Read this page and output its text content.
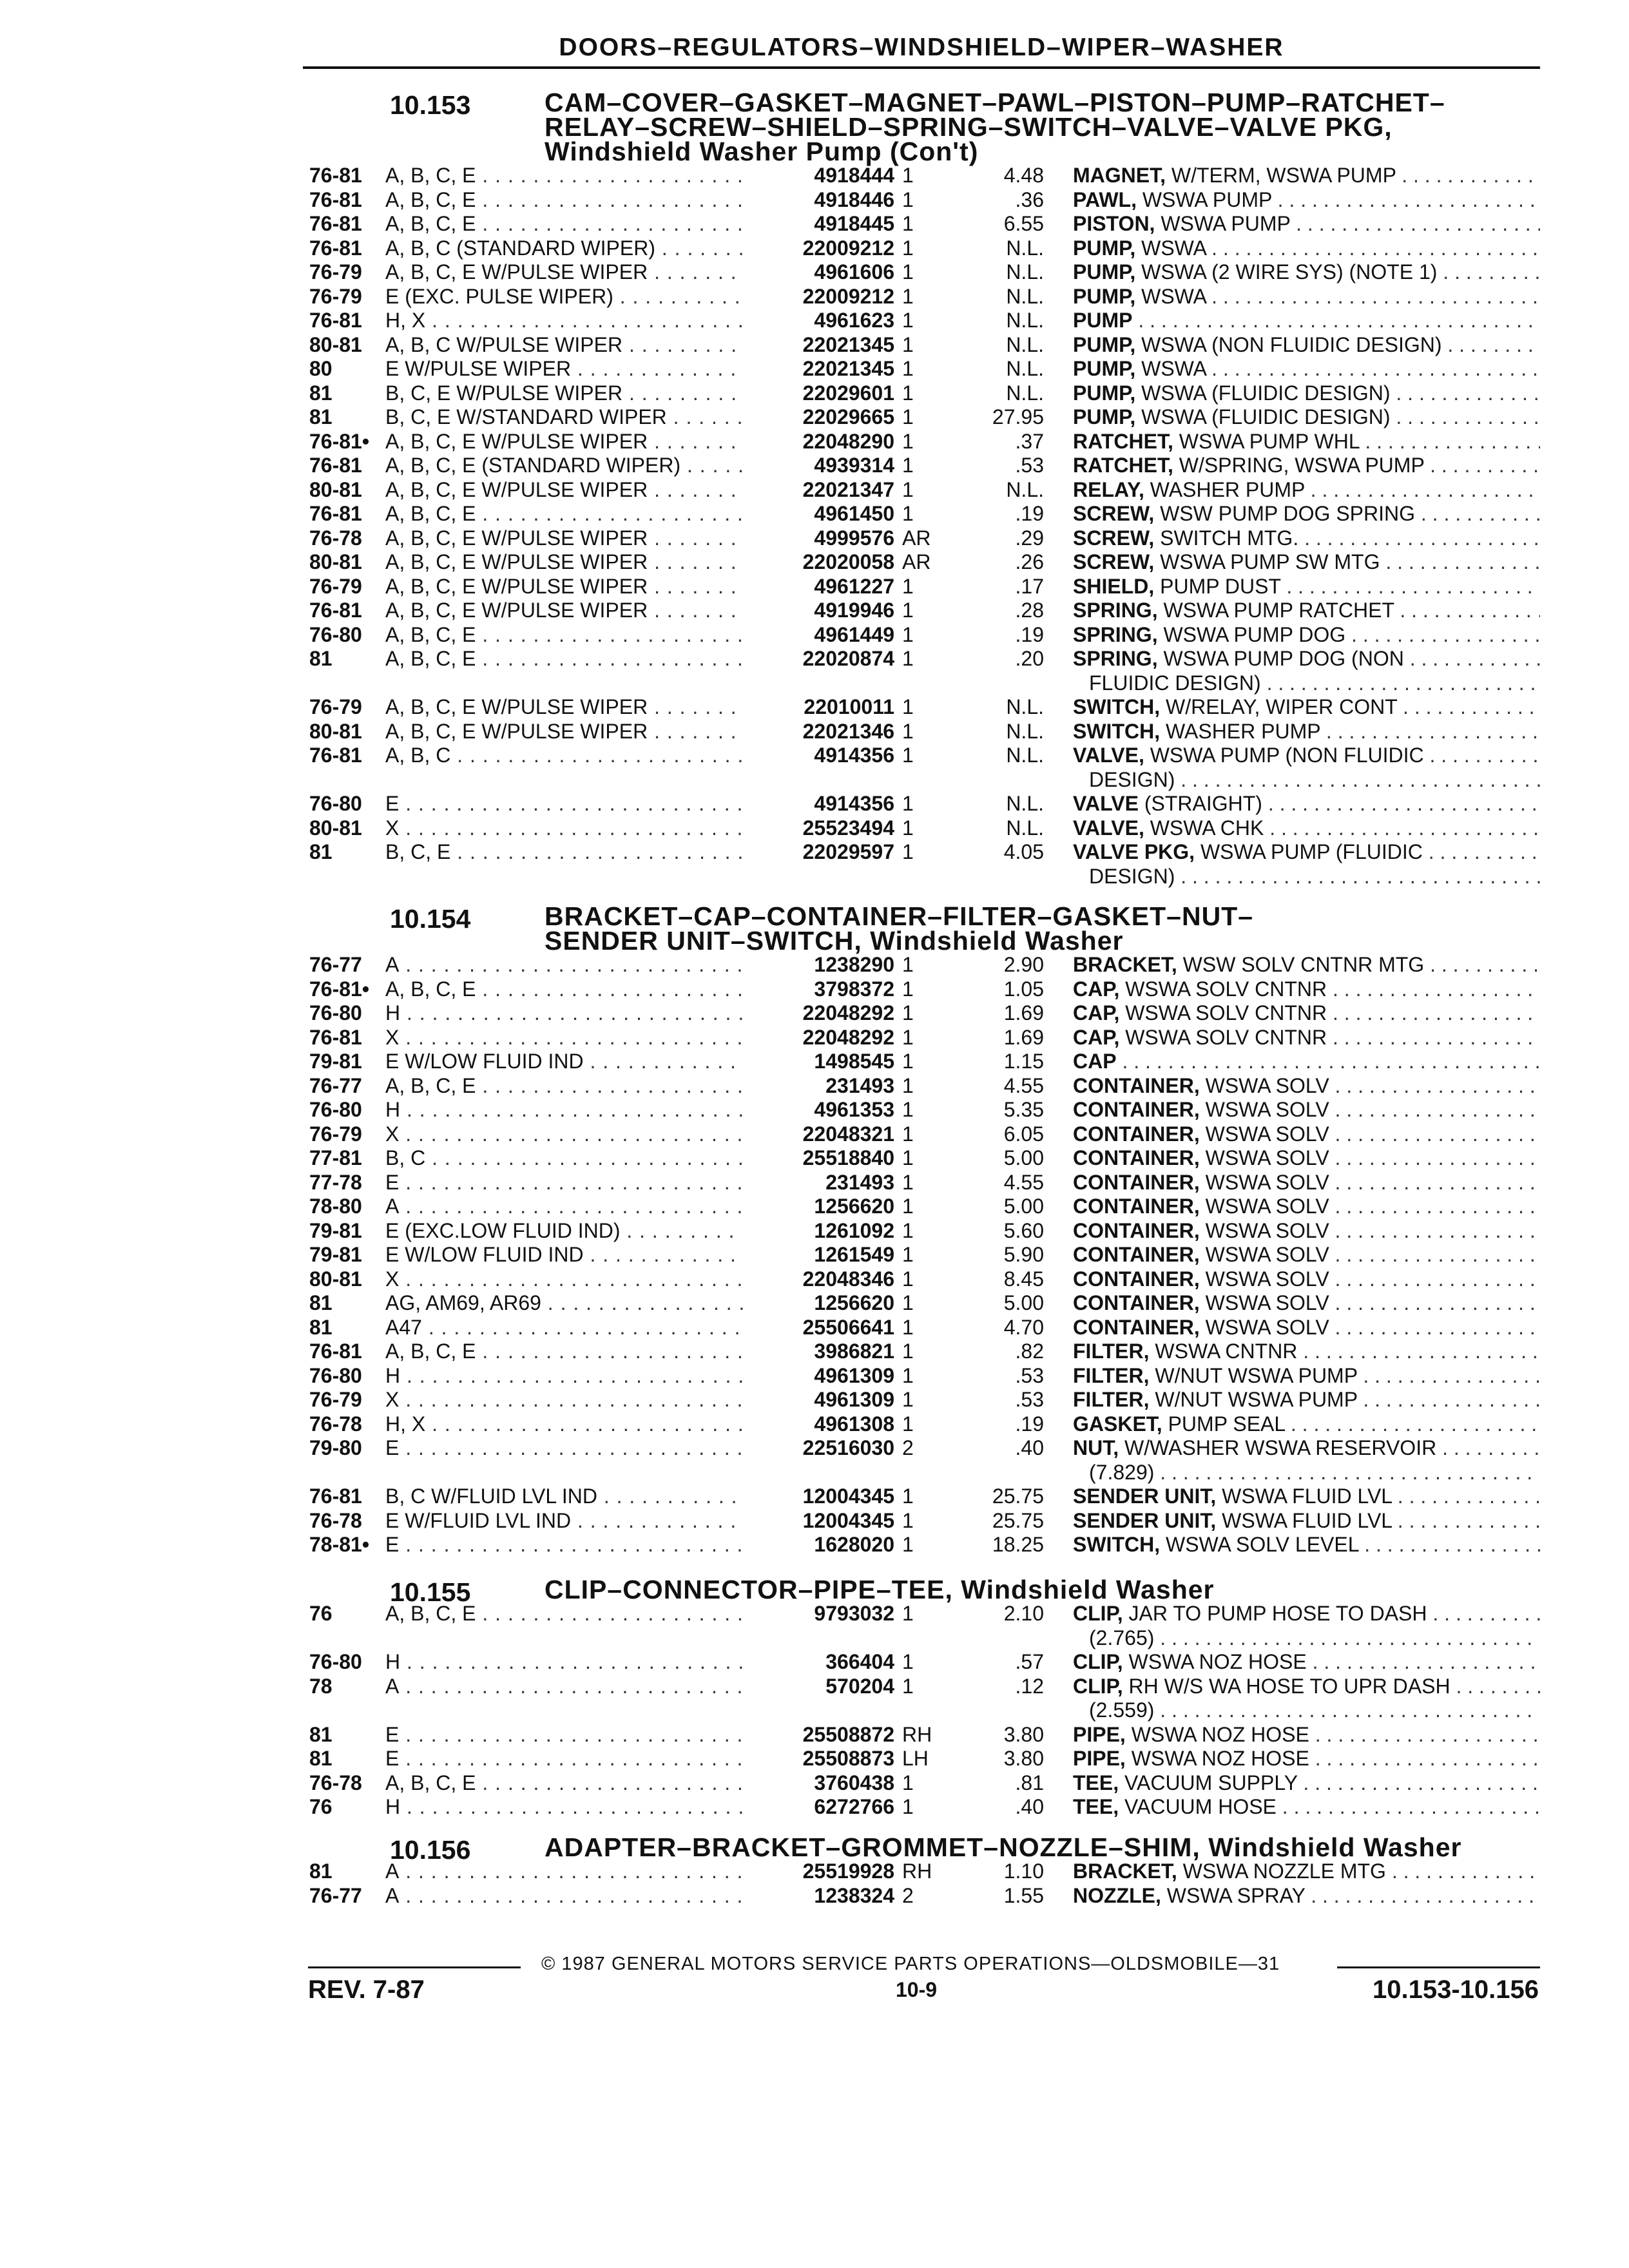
DOORS–REGULATORS–WINDSHIELD–WIPER–WASHER
10.153	CAM–COVER–GASKET–MAGNET–PAWL–PISTON–PUMP–RATCHET–
RELAY–SCREW–SHIELD–SPRING–SWITCH–VALVE–VALVE PKG,
Windshield Washer Pump (Con't)
76-81 A, B, C, E . . .	4918444 1	4.48 MAGNET, W/TERM, WSWA PUMP . . .
76-81 A, B, C, E . . .	4918446 1	.36 PAWL, WSWA PUMP . . .
76-81 A, B, C, E . . .	4918445 1	6.55 PISTON, WSWA PUMP . . .
76-81 A, B, C (STANDARD WIPER) . . .	22009212 1	N.L. PUMP, WSWA . . .
76-79 A, B, C, E W/PULSE WIPER . . .	4961606 1	N.L. PUMP, WSWA (2 WIRE SYS) (NOTE 1) . . .
76-79 E (EXC. PULSE WIPER) . . .	22009212 1	N.L. PUMP, WSWA . . .
76-81 H, X . . .	4961623 1	N.L. PUMP . . .
80-81 A, B, C W/PULSE WIPER . . .	22021345 1	N.L. PUMP, WSWA (NON FLUIDIC DESIGN) . . .
80	E W/PULSE WIPER . . .	22021345 1	N.L. PUMP, WSWA . . .
81	B, C, E W/PULSE WIPER . . .	22029601 1	N.L. PUMP, WSWA (FLUIDIC DESIGN) . . .
81	B, C, E W/STANDARD WIPER . . .	22029665 1	27.95 PUMP, WSWA (FLUIDIC DESIGN) . . .
76-81• A, B, C, E W/PULSE WIPER . . .	22048290 1	.37 RATCHET, WSWA PUMP WHL . . .
76-81 A, B, C, E (STANDARD WIPER) . . .	4939314 1	.53 RATCHET, W/SPRING, WSWA PUMP . . .
80-81 A, B, C, E W/PULSE WIPER . . .	22021347 1	N.L. RELAY, WASHER PUMP . . .
76-81 A, B, C, E . . .	4961450 1	.19 SCREW, WSW PUMP DOG SPRING . . .
76-78 A, B, C, E W/PULSE WIPER . . .	4999576 AR	.29 SCREW, SWITCH MTG. . . .
80-81 A, B, C, E W/PULSE WIPER . . .	22020058 AR	.26 SCREW, WSWA PUMP SW MTG . . .
76-79 A, B, C, E W/PULSE WIPER . . .	4961227 1	.17 SHIELD, PUMP DUST . . .
76-81 A, B, C, E W/PULSE WIPER . . .	4919946 1	.28 SPRING, WSWA PUMP RATCHET . . .
76-80 A, B, C, E . . .	4961449 1	.19 SPRING, WSWA PUMP DOG . . .
81	A, B, C, E . . .	22020874 1	.20 SPRING, WSWA PUMP DOG (NON . . .
FLUIDIC DESIGN) . . .
76-79 A, B, C, E W/PULSE WIPER . . .	22010011 1	N.L. SWITCH, W/RELAY, WIPER CONT . . .
80-81 A, B, C, E W/PULSE WIPER . . .	22021346 1	N.L. SWITCH, WASHER PUMP . . .
76-81 A, B, C . . .	4914356 1	N.L. VALVE, WSWA PUMP (NON FLUIDIC . . .
DESIGN) . . .
76-80 E . . .	4914356 1	N.L. VALVE (STRAIGHT) . . .
80-81 X . . .	25523494 1	N.L. VALVE, WSWA CHK . . .
81	B, C, E . . .	22029597 1	4.05 VALVE PKG, WSWA PUMP (FLUIDIC . . .
DESIGN) . . .
10.154	BRACKET–CAP–CONTAINER–FILTER–GASKET–NUT–
SENDER UNIT–SWITCH, Windshield Washer
76-77 A . . .	1238290 1	2.90 BRACKET, WSW SOLV CNTNR MTG . . .
76-81• A, B, C, E . . .	3798372 1	1.05 CAP, WSWA SOLV CNTNR . . .
76-80 H . . .	22048292 1	1.69 CAP, WSWA SOLV CNTNR . . .
76-81 X . . .	22048292 1	1.69 CAP, WSWA SOLV CNTNR . . .
79-81 E W/LOW FLUID IND . . .	1498545 1	1.15 CAP . . .
76-77 A, B, C, E . . .	231493 1	4.55 CONTAINER, WSWA SOLV . . .
76-80 H . . .	4961353 1	5.35 CONTAINER, WSWA SOLV . . .
76-79 X . . .	22048321 1	6.05 CONTAINER, WSWA SOLV . . .
77-81 B, C . . .	25518840 1	5.00 CONTAINER, WSWA SOLV . . .
77-78 E . . .	231493 1	4.55 CONTAINER, WSWA SOLV . . .
78-80 A . . .	1256620 1	5.00 CONTAINER, WSWA SOLV . . .
79-81 E (EXC.LOW FLUID IND) . . .	1261092 1	5.60 CONTAINER, WSWA SOLV . . .
79-81 E W/LOW FLUID IND . . .	1261549 1	5.90 CONTAINER, WSWA SOLV . . .
80-81 X . . .	22048346 1	8.45 CONTAINER, WSWA SOLV . . .
81	AG, AM69, AR69 . . .	1256620 1	5.00 CONTAINER, WSWA SOLV . . .
81	A47 . . .	25506641 1	4.70 CONTAINER, WSWA SOLV . . .
76-81 A, B, C, E . . .	3986821 1	.82 FILTER, WSWA CNTNR . . .
76-80 H . . .	4961309 1	.53 FILTER, W/NUT WSWA PUMP . . .
76-79 X . . .	4961309 1	.53 FILTER, W/NUT WSWA PUMP . . .
76-78 H, X . . .	4961308 1	.19 GASKET, PUMP SEAL . . .
79-80 E . . .	22516030 2	.40 NUT, W/WASHER WSWA RESERVOIR . . .
(7.829) . . .
76-81 B, C W/FLUID LVL IND . . .	12004345 1	25.75 SENDER UNIT, WSWA FLUID LVL . . .
76-78 E W/FLUID LVL IND . . .	12004345 1	25.75 SENDER UNIT, WSWA FLUID LVL . . .
78-81• E . . .	1628020 1	18.25 SWITCH, WSWA SOLV LEVEL . . .
10.155	CLIP–CONNECTOR–PIPE–TEE, Windshield Washer
76	A, B, C, E . . .	9793032 1	2.10 CLIP, JAR TO PUMP HOSE TO DASH . . .
(2.765) . . .
76-80 H . . .	366404 1	.57 CLIP, WSWA NOZ HOSE . . .
78	A . . .	570204 1	.12 CLIP, RH W/S WA HOSE TO UPR DASH . . .
(2.559) . . .
81	E . . .	25508872 RH	3.80 PIPE, WSWA NOZ HOSE . . .
81	E . . .	25508873 LH	3.80 PIPE, WSWA NOZ HOSE . . .
76-78 A, B, C, E . . .	3760438 1	.81 TEE, VACUUM SUPPLY . . .
76	H . . .	6272766 1	.40 TEE, VACUUM HOSE . . .
10.156	ADAPTER–BRACKET–GROMMET–NOZZLE–SHIM, Windshield Washer
81	A . . .	25519928 RH	1.10 BRACKET, WSWA NOZZLE MTG . . .
76-77 A . . .	1238324 2	1.55 NOZZLE, WSWA SPRAY . . .
© 1987 GENERAL MOTORS SERVICE PARTS OPERATIONS—OLDSMOBILE—31
REV. 7-87	10-9	10.153-10.156
